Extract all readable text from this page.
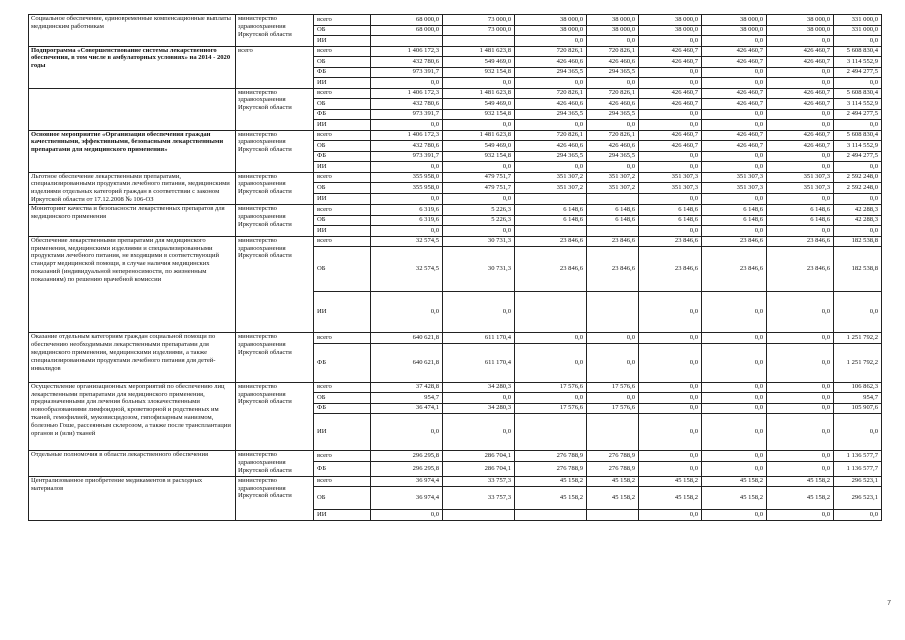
Социальное обеспечение, единовременные компенсационные выплаты медицинским работникам	министерство здравоохранения Иркутской области	всего	68 000,0	73 000,0	38 000,0	38 000,0	38 000,0	38 000,0	38 000,0	331 000,0
		ОБ	68 000,0	73 000,0	38 000,0	38 000,0	38 000,0	38 000,0	38 000,0	331 000,0
		ИИ			0,0	0,0	0,0	0,0	0,0	0,0
Подпрограмма «Совершенствование системы лекарственного обеспечения, в том числе в амбулаторных условиях» на 2014 - 2020 годы	всего	всего	1 406 172,3	1 481 623,8	720 826,1	720 826,1	426 460,7	426 460,7	426 460,7	5 608 830,4
		ОБ	432 780,6	549 469,0	426 460,6	426 460,6	426 460,7	426 460,7	426 460,7	3 114 552,9
		ФБ	973 391,7	932 154,8	294 365,5	294 365,5	0,0	0,0	0,0	2 494 277,5
		ИИ	0,0	0,0	0,0	0,0	0,0	0,0	0,0	0,0
	министерство здравоохранения Иркутской области	всего	1 406 172,3	1 481 623,8	720 826,1	720 826,1	426 460,7	426 460,7	426 460,7	5 608 830,4
		ОБ	432 780,6	549 469,0	426 460,6	426 460,6	426 460,7	426 460,7	426 460,7	3 114 552,9
		ФБ	973 391,7	932 154,8	294 365,5	294 365,5	0,0	0,0	0,0	2 494 277,5
		ИИ	0,0	0,0	0,0	0,0	0,0	0,0	0,0	0,0
Основное мероприятие «Организация обеспечения граждан качественными, эффективными, безопасными лекарственными препаратами для медицинского применения»	министерство здравоохранения Иркутской области	всего	1 406 172,3	1 481 623,8	720 826,1	720 826,1	426 460,7	426 460,7	426 460,7	5 608 830,4
		ОБ	432 780,6	549 469,0	426 460,6	426 460,6	426 460,7	426 460,7	426 460,7	3 114 552,9
		ФБ	973 391,7	932 154,8	294 365,5	294 365,5	0,0	0,0	0,0	2 494 277,5
		ИИ	0,0	0,0	0,0	0,0	0,0	0,0	0,0	0,0
Льготное обеспечение лекарственными препаратами, специализированными продуктами лечебного питания, медицинскими изделиями отдельных категорий граждан в соответствии с законом Иркутской области от 17.12.2008 № 106-ОЗ	министерство здравоохранения Иркутской области	всего	355 958,0	479 751,7	351 307,2	351 307,2	351 307,3	351 307,3	351 307,3	2 592 248,0
		ОБ	355 958,0	479 751,7	351 307,2	351 307,2	351 307,3	351 307,3	351 307,3	2 592 248,0
		ИИ	0,0	0,0			0,0	0,0	0,0	0,0
Мониторинг качества и безопасности лекарственных препаратов для медицинского применения	министерство здравоохранения Иркутской области	всего	6 319,6	5 226,3	6 148,6	6 148,6	6 148,6	6 148,6	6 148,6	42 288,3
		ОБ	6 319,6	5 226,3	6 148,6	6 148,6	6 148,6	6 148,6	6 148,6	42 288,3
		ИИ	0,0	0,0			0,0	0,0	0,0	0,0
Обеспечение лекарственными препаратами для медицинского применения, медицинскими изделиями и специализированными продуктами лечебного питания, не входящими в соответствующий стандарт медицинской помощи, в случае наличия медицинских показаний (индивидуальной непереносимости, по жизненным показаниям) по решению врачебной комиссии	министерство здравоохранения Иркутской области	всего	32 574,5	30 731,3	23 846,6	23 846,6	23 846,6	23 846,6	23 846,6	182 538,8
		ОБ	32 574,5	30 731,3	23 846,6	23 846,6	23 846,6	23 846,6	23 846,6	182 538,8
		ИИ	0,0	0,0			0,0	0,0	0,0	0,0
Оказание отдельным категориям граждан социальной помощи по обеспечению необходимыми лекарственными препаратами для медицинского применения, медицинскими изделиями, а также специализированными продуктами лечебного питания для детей-инвалидов	министерство здравоохранения Иркутской области	всего	640 621,8	611 170,4	0,0	0,0	0,0	0,0	0,0	1 251 792,2
		ФБ	640 621,8	611 170,4	0,0	0,0	0,0	0,0	0,0	1 251 792,2
Осуществление организационных мероприятий по обеспечению лиц лекарственными препаратами для медицинского применения, предназначенными для лечения больных злокачественными новообразованиями лимфоидной, кроветворной и родственных им тканей, гемофилией, муковисцидозом, гипофизарным нанизмом, болезнью Гоше, рассеянным склерозом, а также после трансплантации органов и (или) тканей	министерство здравоохранения Иркутской области	всего	37 428,8	34 280,3	17 576,6	17 576,6	0,0	0,0	0,0	106 862,3
		ОБ	954,7	0,0	0,0	0,0	0,0	0,0	0,0	954,7
		ФБ	36 474,1	34 280,3	17 576,6	17 576,6	0,0	0,0	0,0	105 907,6
		ИИ	0,0	0,0			0,0	0,0	0,0	0,0
Отдельные полномочия в области лекарственного обеспечения	министерство здравоохранения Иркутской области	всего	296 295,8	286 704,1	276 788,9	276 788,9	0,0	0,0	0,0	1 136 577,7
		ФБ	296 295,8	286 704,1	276 788,9	276 788,9	0,0	0,0	0,0	1 136 577,7
Централизованное приобретение медикаментов и расходных материалов	министерство здравоохранения Иркутской области	всего	36 974,4	33 757,3	45 158,2	45 158,2	45 158,2	45 158,2	45 158,2	296 523,1
		ОБ	36 974,4	33 757,3	45 158,2	45 158,2	45 158,2	45 158,2	45 158,2	296 523,1
		ИИ	0,0				0,0	0,0	0,0	0,0
7
